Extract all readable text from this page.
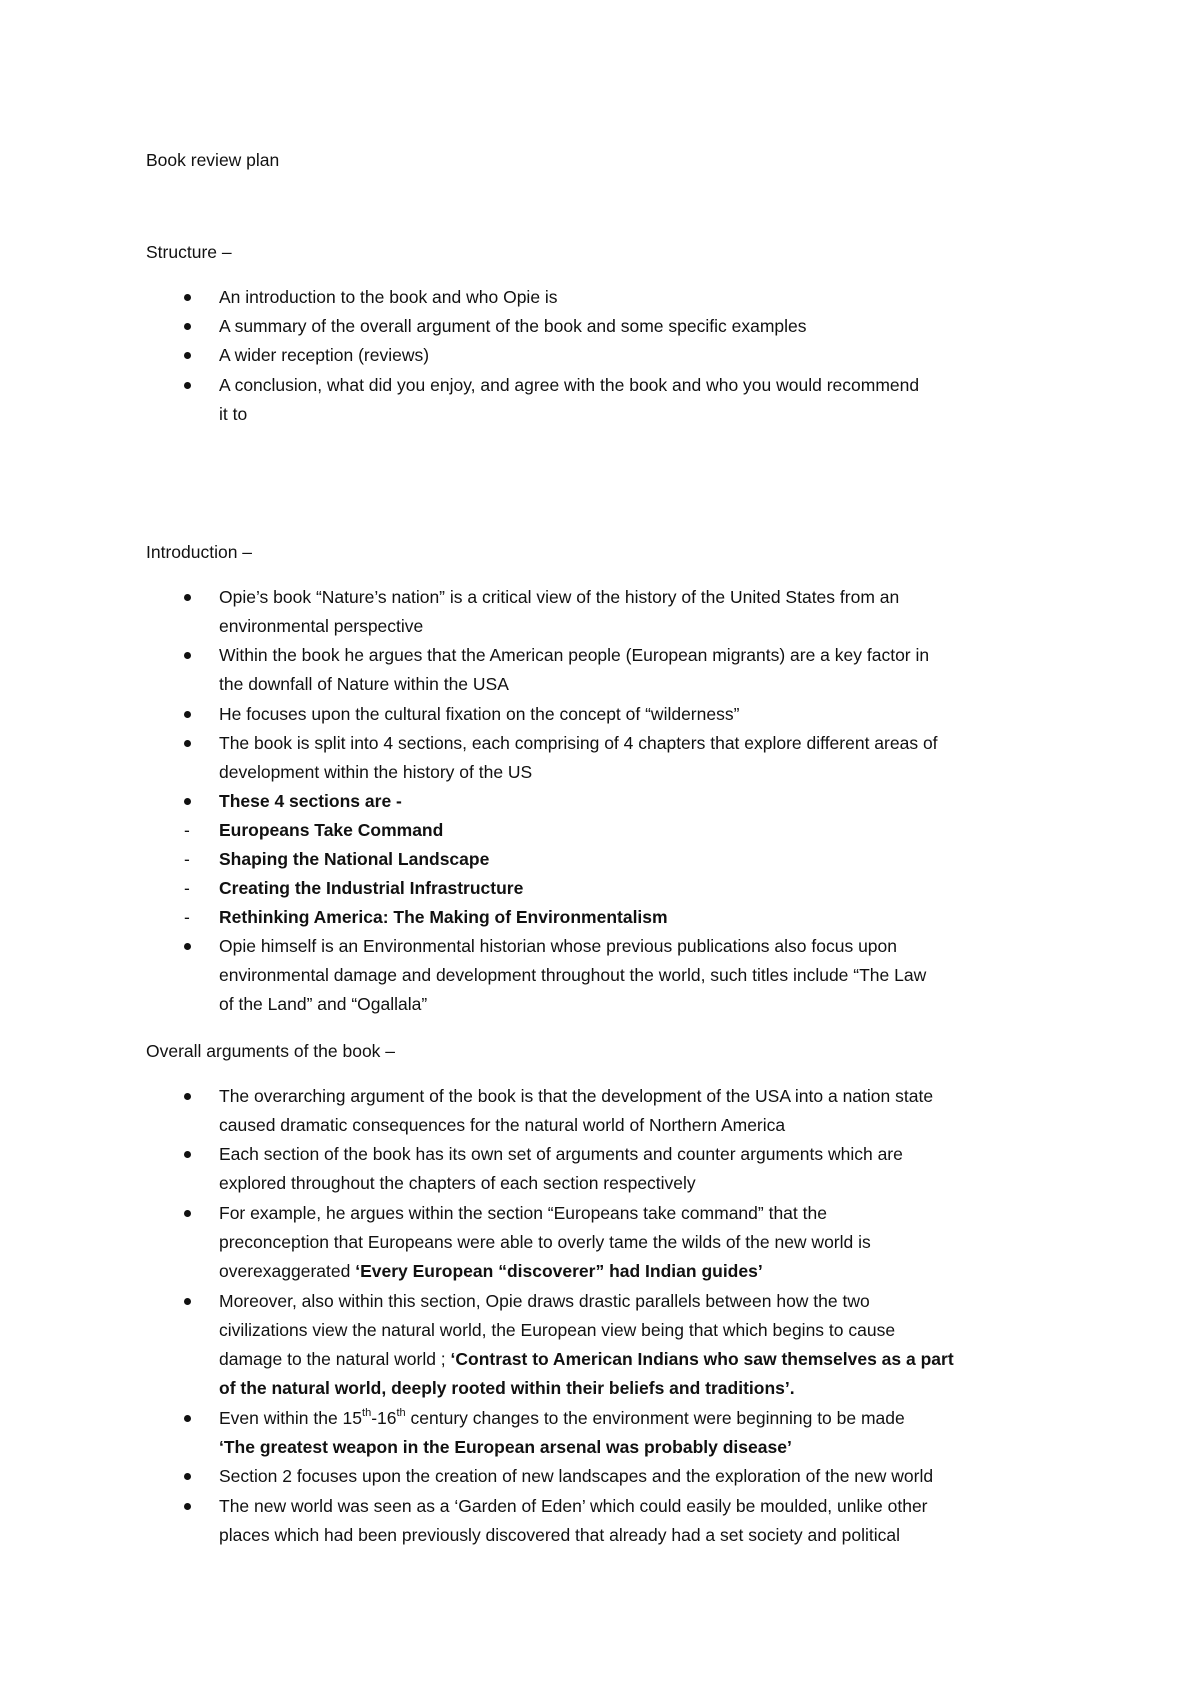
Book review plan
Structure –
An introduction to the book and who Opie is
A summary of the overall argument of the book and some specific examples
A wider reception (reviews)
A conclusion, what did you enjoy, and agree with the book and who you would recommend
it to
Introduction –
Opie’s book “Nature’s nation” is a critical view of the history of the United States from an
environmental perspective
Within the book he argues that the American people (European migrants) are a key factor in
the downfall of Nature within the USA
He focuses upon the cultural fixation on the concept of “wilderness”
The book is split into 4 sections, each comprising of 4 chapters that explore different areas of
development within the history of the US
These 4 sections are -
- Europeans Take Command
- Shaping the National Landscape
- Creating the Industrial Infrastructure
- Rethinking America: The Making of Environmentalism
Opie himself is an Environmental historian whose previous publications also focus upon
environmental damage and development throughout the world, such titles include “The Law
of the Land” and “Ogallala”
Overall arguments of the book –
The overarching argument of the book is that the development of the USA into a nation state
caused dramatic consequences for the natural world of Northern America
Each section of the book has its own set of arguments and counter arguments which are
explored throughout the chapters of each section respectively
For example, he argues within the section “Europeans take command” that the
preconception that Europeans were able to overly tame the wilds of the new world is
overexaggerated ‘Every European “discoverer” had Indian guides’
Moreover, also within this section, Opie draws drastic parallels between how the two
civilizations view the natural world, the European view being that which begins to cause
damage to the natural world ; ‘Contrast to American Indians who saw themselves as a part
of the natural world, deeply rooted within their beliefs and traditions’.
Even within the 15th-16th century changes to the environment were beginning to be made
‘The greatest weapon in the European arsenal was probably disease’
Section 2 focuses upon the creation of new landscapes and the exploration of the new world
The new world was seen as a ‘Garden of Eden’ which could easily be moulded, unlike other
places which had been previously discovered that already had a set society and political
